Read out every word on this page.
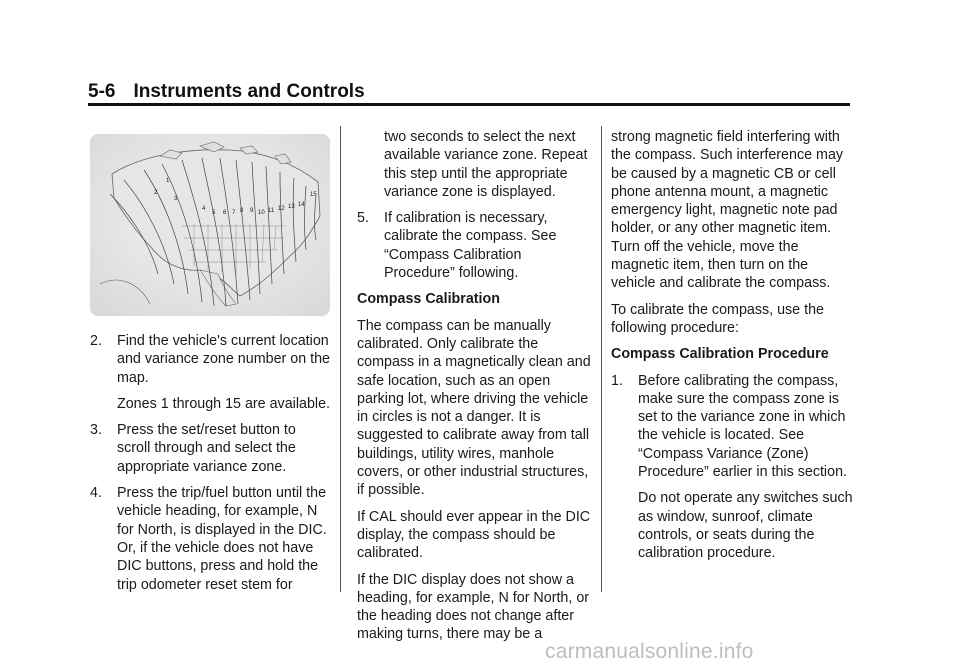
5-6 Instruments and Controls
1
2
3
4
5 6 7 8 9 10 11 12 13 14
15
2. Find the vehicle's current location and variance zone number on the map.
Zones 1 through 15 are available.
3. Press the set/reset button to scroll through and select the appropriate variance zone.
4. Press the trip/fuel button until the vehicle heading, for example, N for North, is displayed in the DIC. Or, if the vehicle does not have DIC buttons, press and hold the trip odometer reset stem for
two seconds to select the next available variance zone. Repeat this step until the appropriate variance zone is displayed.
5. If calibration is necessary, calibrate the compass. See “Compass Calibration Procedure” following.
Compass Calibration
The compass can be manually calibrated. Only calibrate the compass in a magnetically clean and safe location, such as an open parking lot, where driving the vehicle in circles is not a danger. It is suggested to calibrate away from tall buildings, utility wires, manhole covers, or other industrial structures, if possible.
If CAL should ever appear in the DIC display, the compass should be calibrated.
If the DIC display does not show a heading, for example, N for North, or the heading does not change after making turns, there may be a
strong magnetic field interfering with the compass. Such interference may be caused by a magnetic CB or cell phone antenna mount, a magnetic emergency light, magnetic note pad holder, or any other magnetic item. Turn off the vehicle, move the magnetic item, then turn on the vehicle and calibrate the compass.
To calibrate the compass, use the following procedure:
Compass Calibration Procedure
1. Before calibrating the compass, make sure the compass zone is set to the variance zone in which the vehicle is located. See “Compass Variance (Zone) Procedure” earlier in this section.
Do not operate any switches such as window, sunroof, climate controls, or seats during the calibration procedure.
carmanualsonline.info
